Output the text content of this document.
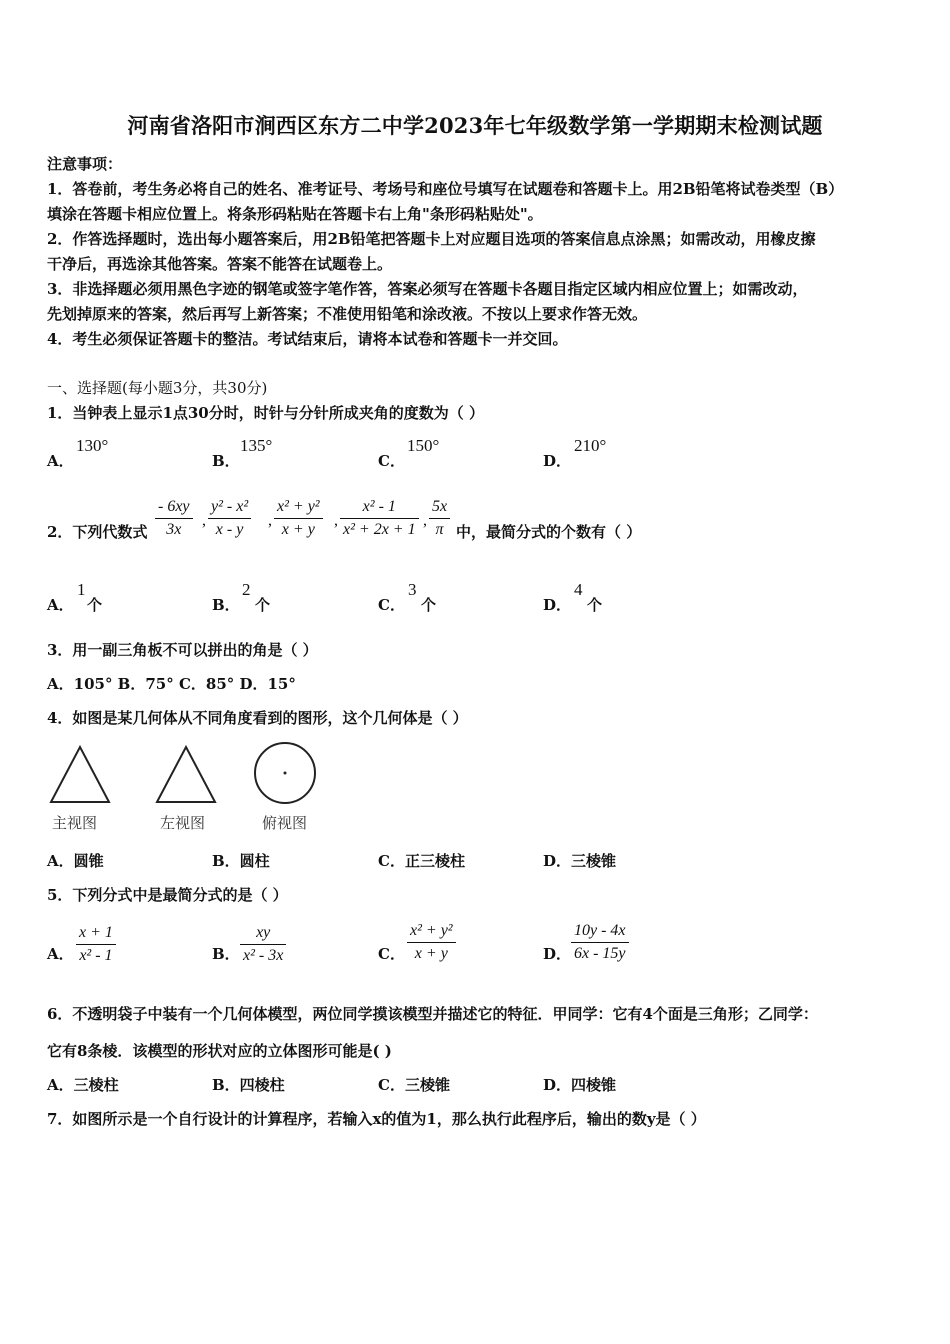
河南省洛阳市涧西区东方二中学2023年七年级数学第一学期期末检测试题
注意事项：
1．答卷前，考生务必将自己的姓名、准考证号、考场号和座位号填写在试题卷和答题卡上。用2B铅笔将试卷类型（B）
填涂在答题卡相应位置上。将条形码粘贴在答题卡右上角"条形码粘贴处"。
2．作答选择题时，选出每小题答案后，用2B铅笔把答题卡上对应题目选项的答案信息点涂黑；如需改动，用橡皮擦
干净后，再选涂其他答案。答案不能答在试题卷上。
3．非选择题必须用黑色字迹的钢笔或签字笔作答，答案必须写在答题卡各题目指定区域内相应位置上；如需改动，
先划掉原来的答案，然后再写上新答案；不准使用铅笔和涂改液。不按以上要求作答无效。
4．考生必须保证答题卡的整洁。考试结束后，请将本试卷和答题卡一并交回。
一、选择题(每小题3分，共30分)
1．当钟表上显示1点30分时，时针与分针所成夹角的度数为（ ）
A．
130°
B．
135°
C．
150°
D．
210°
2．下列代数式 $\frac{- 6xy}{3x}$ , $\frac{\text{y² - x²}}{x - y}$ , $\frac{\text{x² + y²}}{x + y}$ , $\frac{\text{x² - 1}}{\text{x² + 2x + 1}}$ , $\frac{5x}{\pi}$ 中，最简分式的个数有（ ）
A．
1
个	B．
2
个	C．
3
个	D．
4
个
3．用一副三角板不可以拼出的角是（ ）
A．105° B．75° C．85° D．15°
4．如图是某几何体从不同角度看到的图形，这个几何体是（ ）
主视图	左视图	俯视图
A．圆锥	B．圆柱	C．正三棱柱	D．三棱锥
5．下列分式中是最简分式的是（ ）
A． $\frac{x + 1}{\text{x² - 1}}$	B． $\frac{xy}{\text{x² - 3x}}$	C． $\frac{\text{x² + y²}}{x + y}$	D． $\frac{10y - 4x}{6x - 15y}$
6．不透明袋子中装有一个几何体模型，两位同学摸该模型并描述它的特征．甲同学：它有4个面是三角形；乙同学：
它有8条棱．该模型的形状对应的立体图形可能是( )
A．三棱柱	B．四棱柱	C．三棱锥	D．四棱锥
7．如图所示是一个自行设计的计算程序，若输入x的值为1，那么执行此程序后，输出的数y是（ ）
